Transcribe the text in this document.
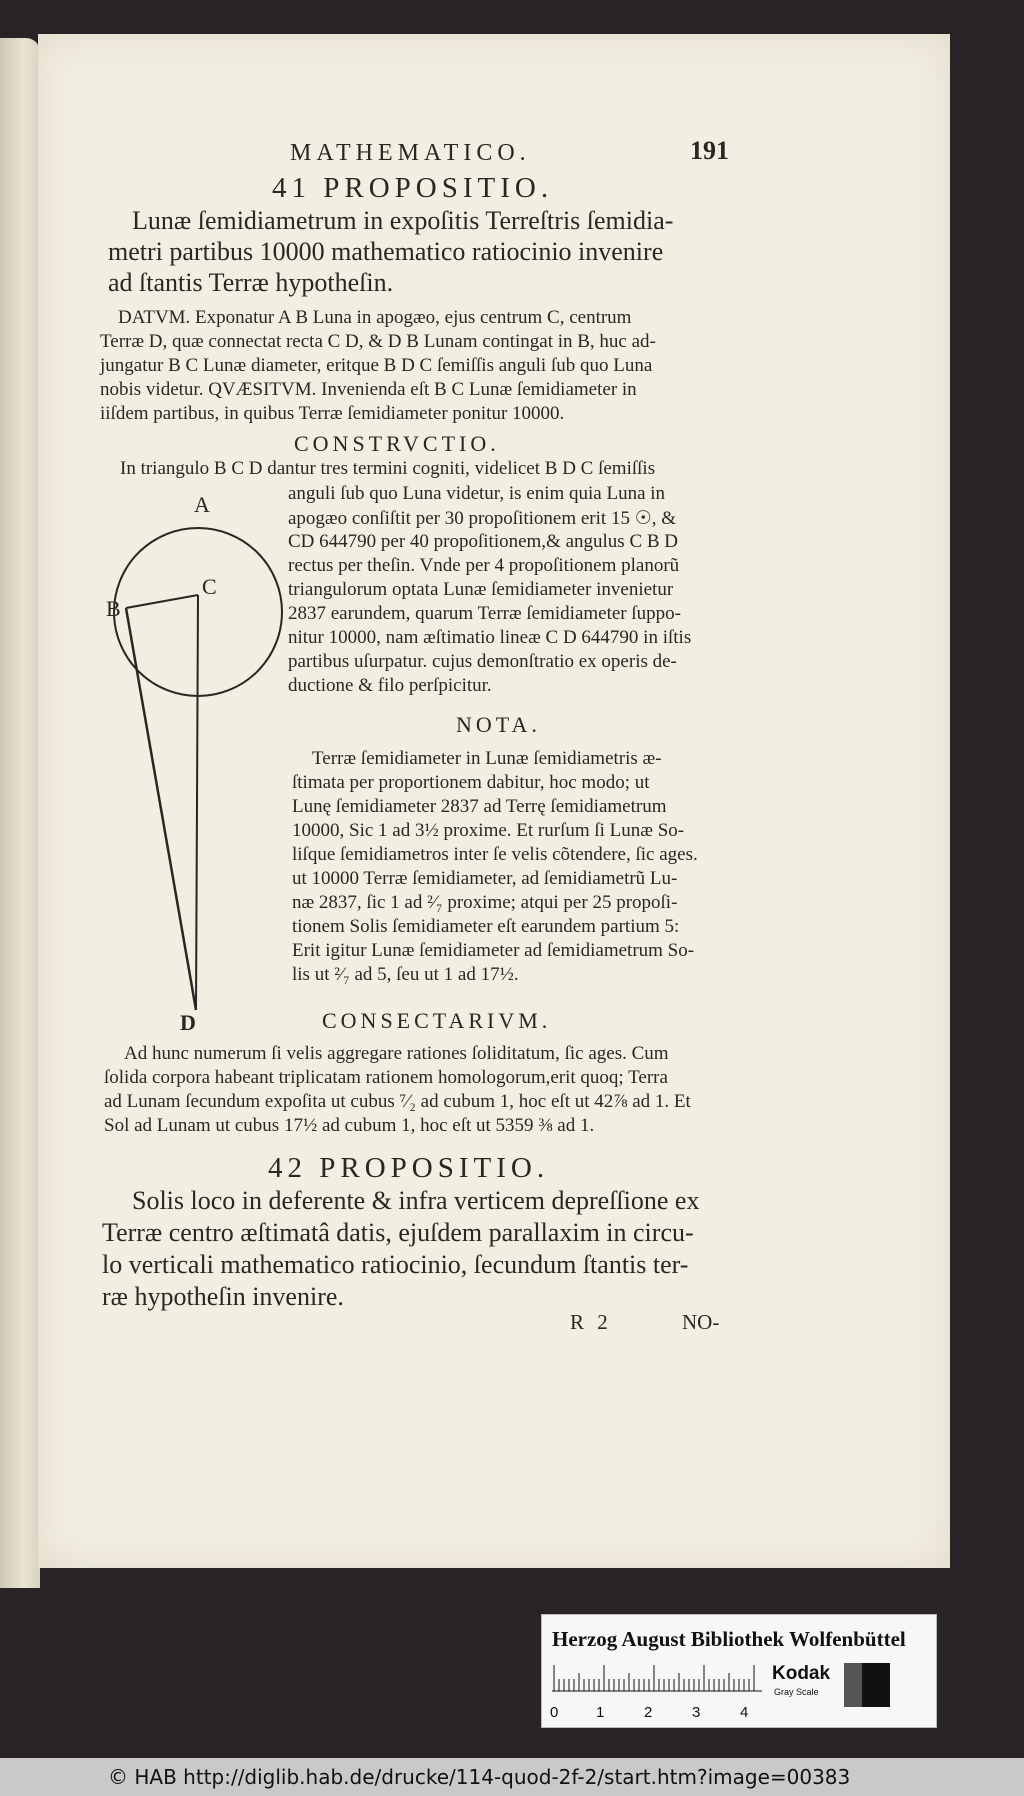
MATHEMATICO.	191
41 PROPOSITIO.
Lunæ ſemidiametrum in expoſitis Terreſtris ſemidia-
metri partibus 10000 mathematico ratiocinio invenire
ad ſtantis Terræ hypotheſin.
DATVM. Exponatur A B Luna in apogæo, ejus centrum C, centrum
Terræ D, quæ connectat recta C D, & D B Lunam contingat in B, huc ad-
jungatur B C Lunæ diameter, eritque B D C ſemiſſis anguli ſub quo Luna
nobis videtur. QVÆSITVM. Invenienda eſt B C Lunæ ſemidiameter in
iiſdem partibus, in quibus Terræ ſemidiameter ponitur 10000.
CONSTRVCTIO.
In triangulo B C D dantur tres termini cogniti, videlicet B D C ſemiſſis
anguli ſub quo Luna videtur, is enim quia Luna in
apogæo conſiſtit per 30 propoſitionem erit 15 ☉, &
CD 644790 per 40 propoſitionem,& angulus C B D
rectus per theſin. Vnde per 4 propoſitionem planorũ
triangulorum optata Lunæ ſemidiameter invenietur
2837 earundem, quarum Terræ ſemidiameter ſuppo-
nitur 10000, nam æſtimatio lineæ C D 644790 in iſtis
partibus uſurpatur. cujus demonſtratio ex operis de-
ductione & filo perſpicitur.
A
B
C
D
NOTA.
Terræ ſemidiameter in Lunæ ſemidiametris æ-
ſtimata per proportionem dabitur, hoc modo; ut
Lunę ſemidiameter 2837 ad Terrę ſemidiametrum
10000, Sic 1 ad 3½ proxime. Et rurſum ſi Lunæ So-
liſque ſemidiametros inter ſe velis cõtendere, ſic ages.
ut 10000 Terræ ſemidiameter, ad ſemidiametrũ Lu-
næ 2837, ſic 1 ad ²⁄₇ proxime; atqui per 25 propoſi-
tionem Solis ſemidiameter eſt earundem partium 5:
Erit igitur Lunæ ſemidiameter ad ſemidiametrum So-
lis ut ²⁄₇ ad 5, ſeu ut 1 ad 17½.
CONSECTARIVM.
Ad hunc numerum ſi velis aggregare rationes ſoliditatum, ſic ages. Cum
ſolida corpora habeant triplicatam rationem homologorum,erit quoq; Terra
ad Lunam ſecundum expoſita ut cubus ⁷⁄₂ ad cubum 1, hoc eſt ut 42⅞ ad 1. Et
Sol ad Lunam ut cubus 17½ ad cubum 1, hoc eſt ut 5359 ⅜ ad 1.
42 PROPOSITIO.
Solis loco in deferente & infra verticem depreſſione ex
Terræ centro æſtimatâ datis, ejuſdem parallaxim in circu-
lo verticali mathematico ratiocinio, ſecundum ſtantis ter-
ræ hypotheſin invenire.
R 2	NO-
Herzog August Bibliothek Wolfenbüttel
0	1	2	3	4
Kodak
Gray Scale
© HAB http://diglib.hab.de/drucke/114-quod-2f-2/start.htm?image=00383
